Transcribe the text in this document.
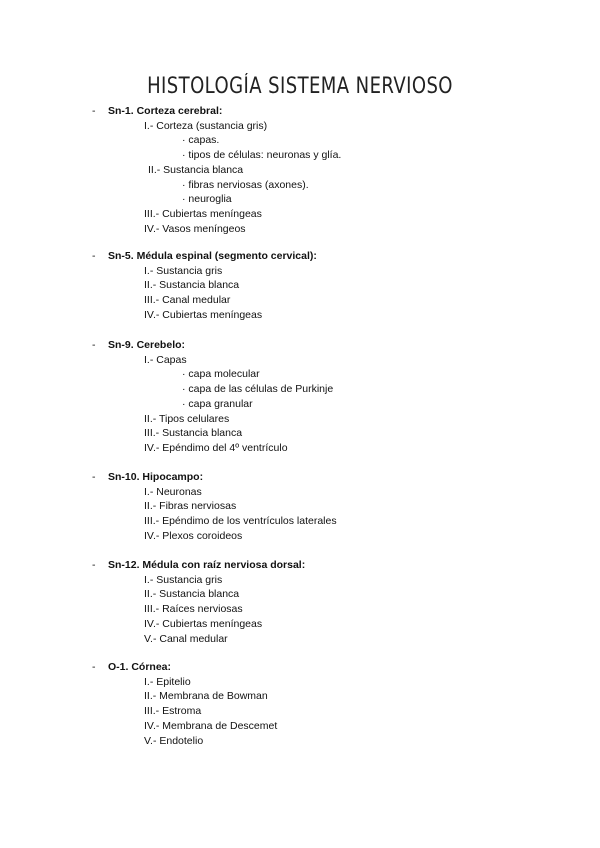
HISTOLOGÍA SISTEMA NERVIOSO
- Sn-1. Corteza cerebral:
I.- Corteza (sustancia gris)
· capas.
· tipos de células: neuronas y glía.
II.- Sustancia blanca
· fibras nerviosas (axones).
· neuroglia
III.- Cubiertas meníngeas
IV.- Vasos meníngeos
- Sn-5. Médula espinal (segmento cervical):
I.- Sustancia gris
II.- Sustancia blanca
III.- Canal medular
IV.- Cubiertas meníngeas
- Sn-9. Cerebelo:
I.- Capas
· capa molecular
· capa de las células de Purkinje
· capa granular
II.- Tipos celulares
III.- Sustancia blanca
IV.- Epéndimo del 4º ventrículo
- Sn-10. Hipocampo:
I.- Neuronas
II.- Fibras nerviosas
III.- Epéndimo de los ventrículos laterales
IV.- Plexos coroideos
- Sn-12. Médula con raíz nerviosa dorsal:
I.- Sustancia gris
II.- Sustancia blanca
III.- Raíces nerviosas
IV.- Cubiertas meníngeas
V.- Canal medular
- O-1. Córnea:
I.- Epitelio
II.- Membrana de Bowman
III.- Estroma
IV.- Membrana de Descemet
V.- Endotelio
